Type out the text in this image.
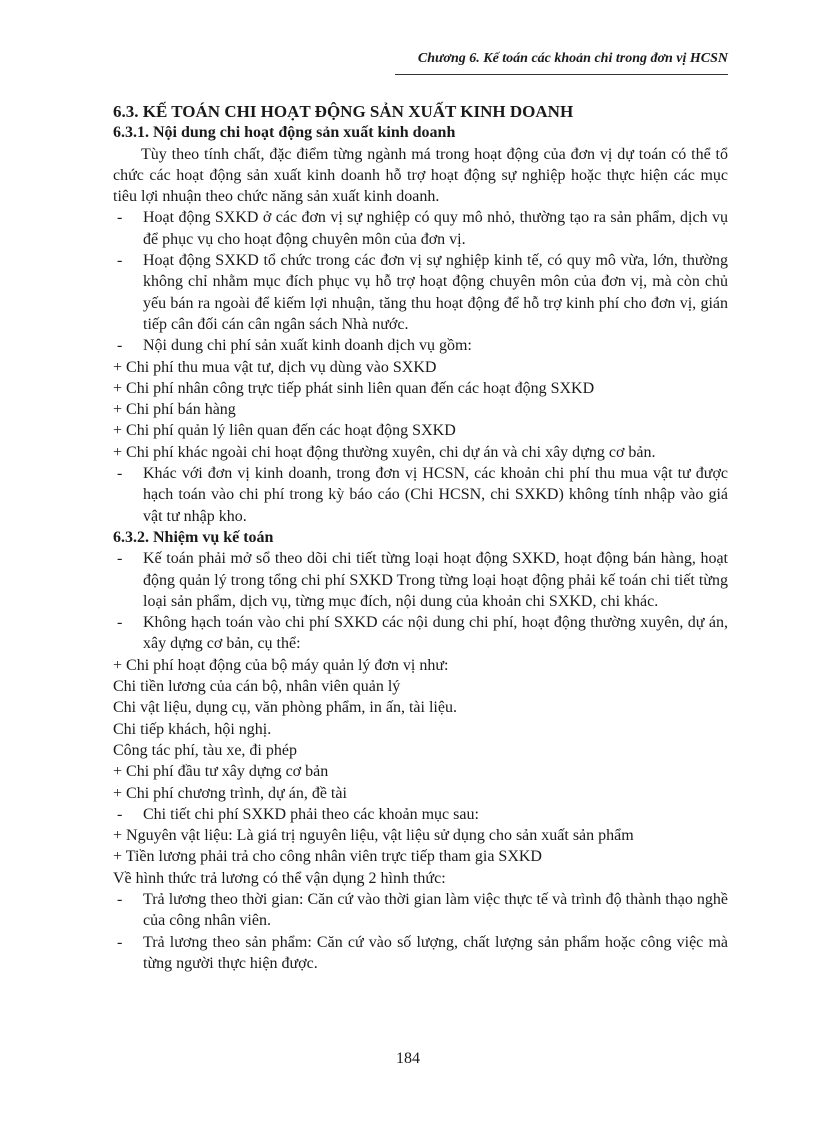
Chương 6. Kế toán các khoản chi trong đơn vị HCSN

6.3. KẾ TOÁN CHI HOẠT ĐỘNG SẢN XUẤT KINH DOANH

6.3.1. Nội dung chi hoạt động sản xuất kinh doanh

Tùy theo tính chất, đặc điểm từng ngành má trong hoạt động của đơn vị dự toán có thể tổ chức các hoạt động sản xuất kinh doanh hỗ trợ hoạt động sự nghiệp hoặc thực hiện các mục tiêu lợi nhuận theo chức năng sản xuất kinh doanh.

-	Hoạt động SXKD ở các đơn vị sự nghiệp có quy mô nhỏ, thường tạo ra sản phẩm, dịch vụ để phục vụ cho hoạt động chuyên môn của đơn vị.
-	Hoạt động SXKD tổ chức trong các đơn vị sự nghiệp kinh tế, có quy mô vừa, lớn, thường không chỉ nhằm mục đích phục vụ hỗ trợ hoạt động chuyên môn của đơn vị, mà còn chủ yếu bán ra ngoài để kiếm lợi nhuận, tăng thu hoạt động để hỗ trợ kinh phí cho đơn vị, gián tiếp cân đối cán cân ngân sách Nhà nước.
-	Nội dung chi phí sản xuất kinh doanh dịch vụ gồm:

+ Chi phí thu mua vật tư, dịch vụ dùng vào SXKD

+ Chi phí nhân công trực tiếp phát sinh liên quan đến các hoạt động SXKD

+ Chi phí bán hàng

+ Chi phí quản lý liên quan đến các hoạt động SXKD

+ Chi phí khác ngoài chi hoạt động thường xuyên, chi dự án và chi xây dựng cơ bản.

-	Khác với đơn vị kinh doanh, trong đơn vị HCSN, các khoản chi phí thu mua vật tư được hạch toán vào chi phí trong kỳ báo cáo (Chi HCSN, chi SXKD) không tính nhập vào giá vật tư nhập kho.

6.3.2. Nhiệm vụ kế toán

-	Kế toán phải mở sổ theo dõi chi tiết từng loại hoạt động SXKD, hoạt động bán hàng, hoạt động quản lý trong tổng chi phí SXKD Trong từng loại hoạt động phải kế toán chi tiết từng loại sản phẩm, dịch vụ, từng mục đích, nội dung của khoản chi SXKD, chi khác.
-	Không hạch toán vào chi phí SXKD các nội dung chi phí, hoạt động thường xuyên, dự án, xây dựng cơ bản, cụ thể:

+ Chi phí hoạt động của bộ máy quản lý đơn vị như:

Chi tiền lương của cán bộ, nhân viên quản lý

Chi vật liệu, dụng cụ, văn phòng phẩm, in ấn, tài liệu.

Chi tiếp khách, hội nghị.

Công tác phí, tàu xe, đi phép

+ Chi phí đầu tư xây dựng cơ bản

+ Chi phí chương trình, dự án, đề tài

-	Chi tiết chi phí SXKD phải theo các khoản mục sau:

+ Nguyên vật liệu: Là giá trị nguyên liệu, vật liệu sử dụng cho sản xuất sản phẩm

+ Tiền lương phải trả cho công nhân viên trực tiếp tham gia SXKD

Về hình thức trả lương có thể vận dụng 2 hình thức:

-	Trả lương theo thời gian: Căn cứ vào thời gian làm việc thực tế và trình độ thành thạo nghề của công nhân viên.
-	Trả lương theo sản phẩm: Căn cứ vào số lượng, chất lượng sản phẩm hoặc công việc mà từng người thực hiện được.
184
